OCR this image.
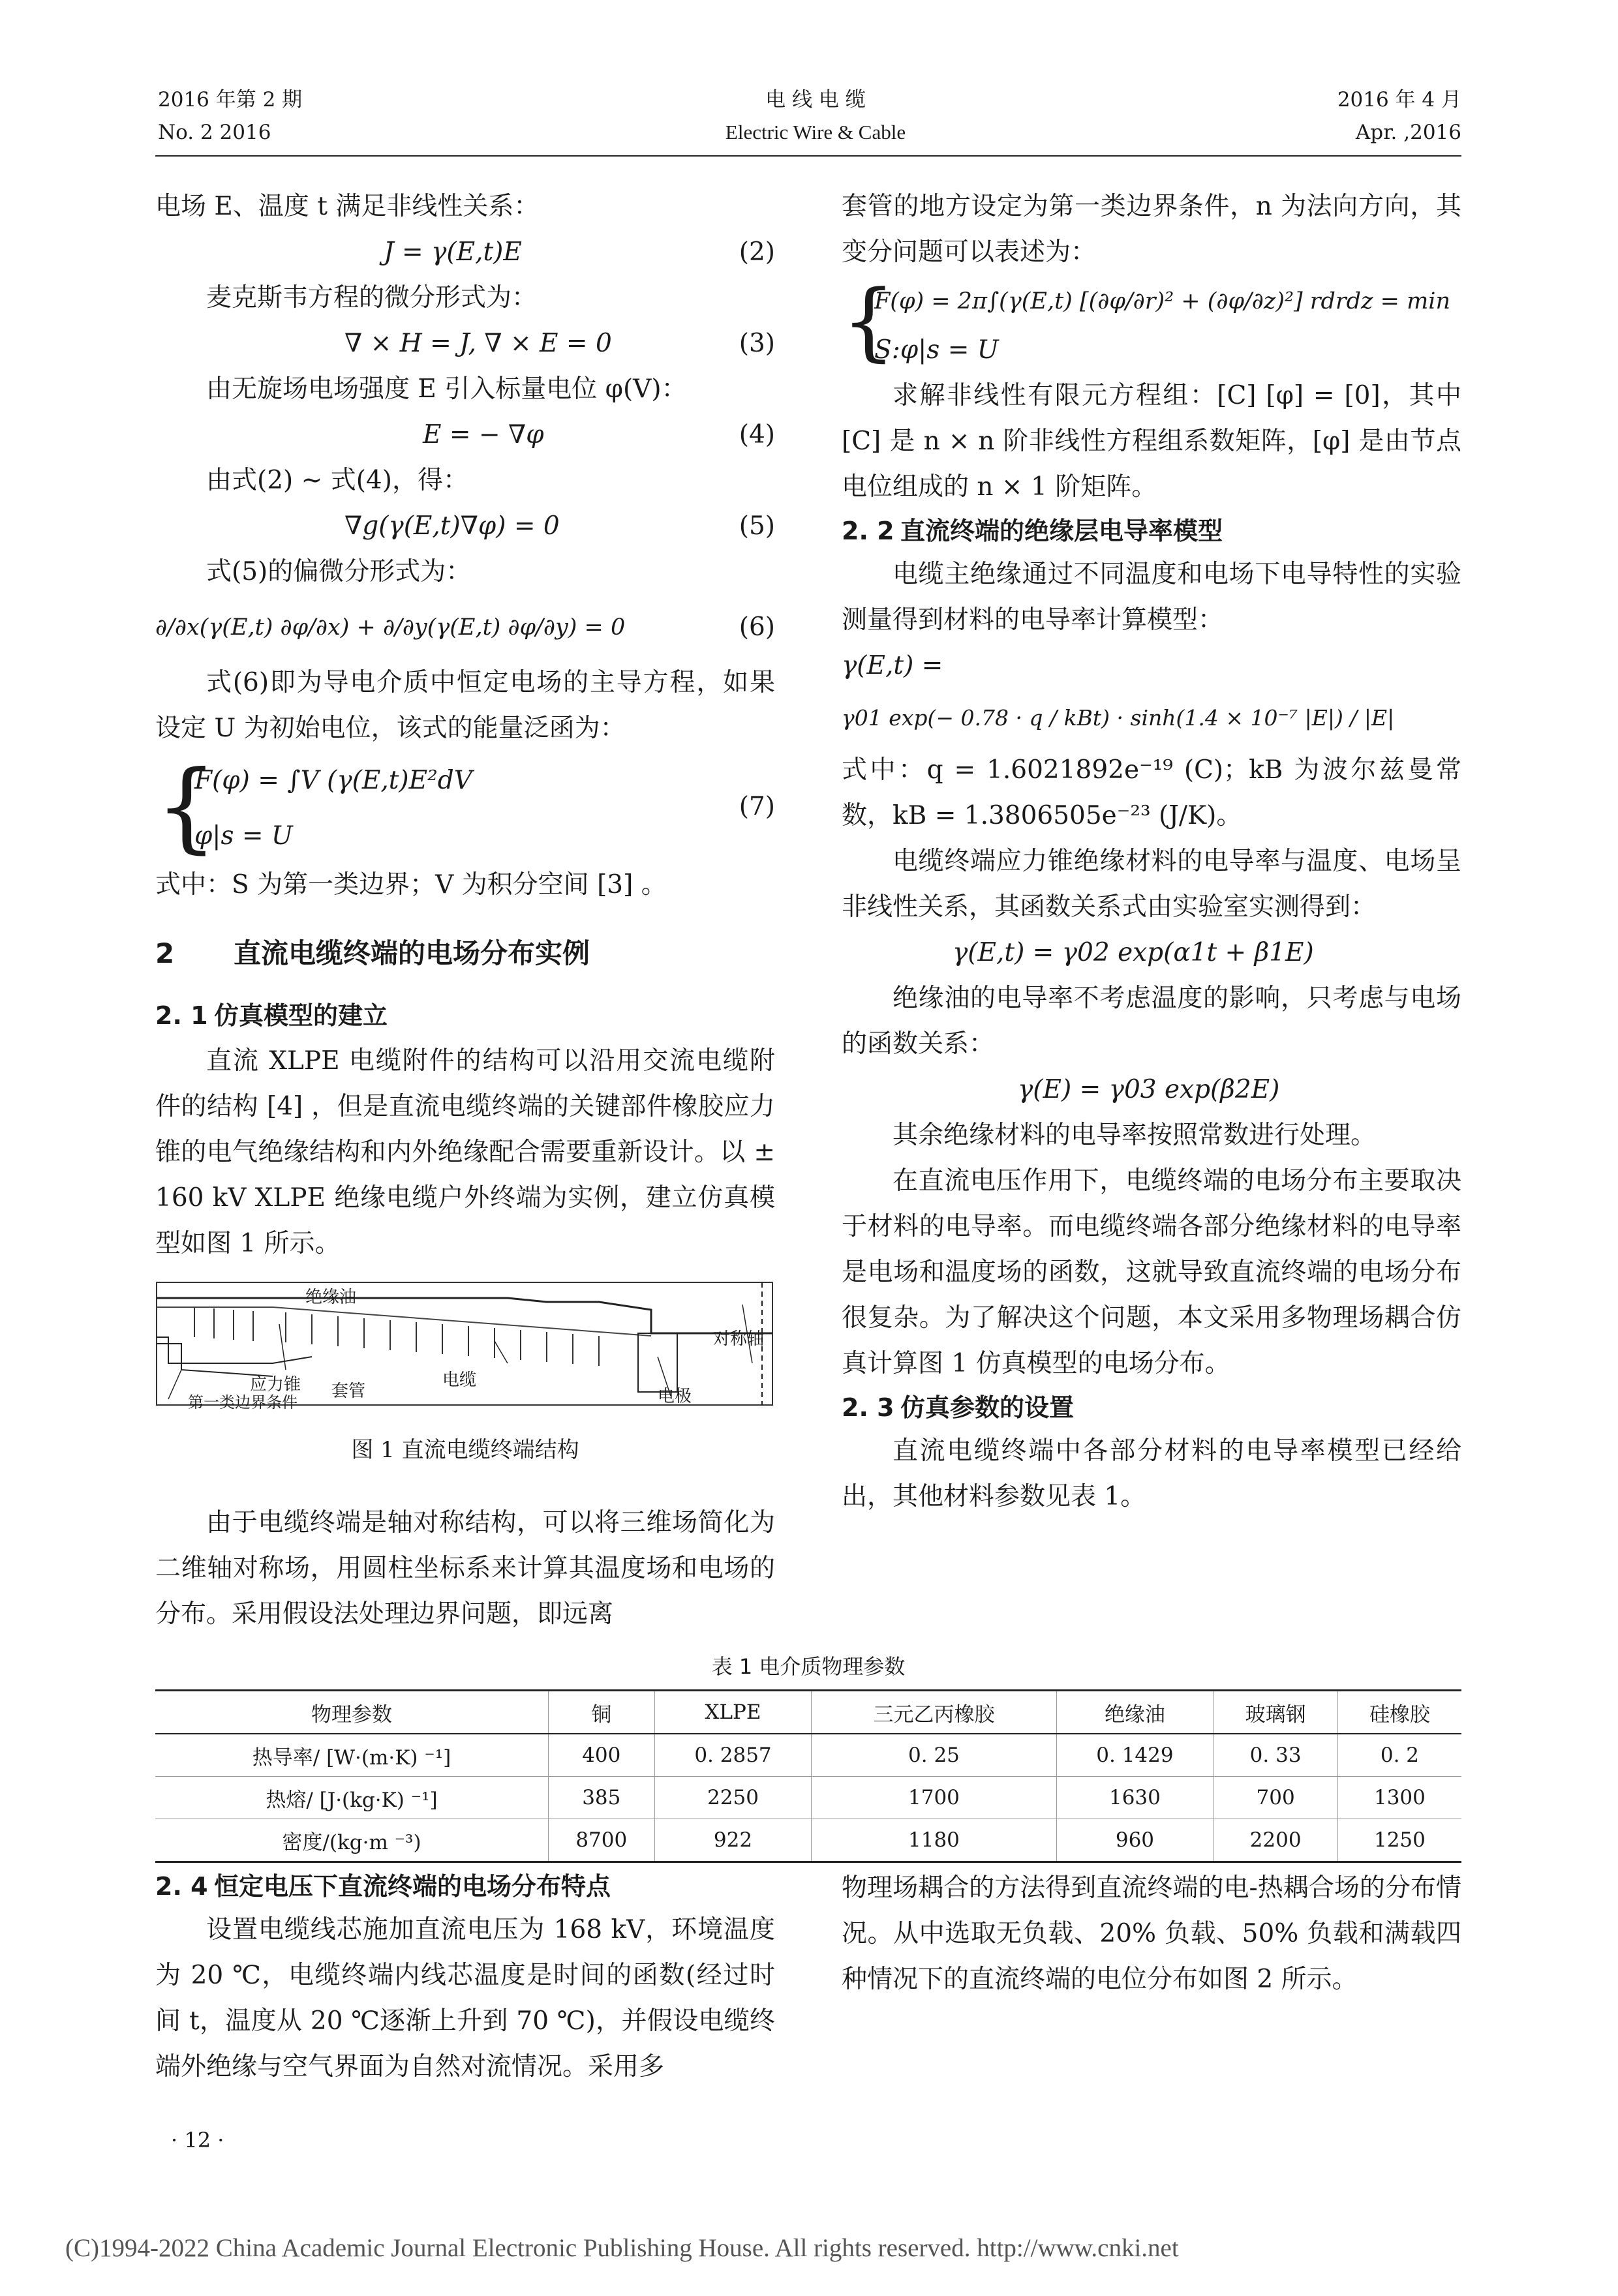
2016 年第 2 期
No. 2 2016
电 线 电 缆
Electric Wire & Cable
2016 年 4 月
Apr. ,2016

电场 E、温度 t 满足非线性关系：

J = γ(E,t)E	(2)

麦克斯韦方程的微分形式为：

∇ × H = J, ∇ × E = 0	(3)

由无旋场电场强度 E 引入标量电位 φ(V)：

E = − ∇φ	(4)

由式(2) ~ 式(4)，得：

∇g(γ(E,t)∇φ) = 0	(5)

式(5)的偏微分形式为：

∂/∂x(γ(E,t) ∂φ/∂x) + ∂/∂y(γ(E,t) ∂φ/∂y) = 0	(6)

式(6)即为导电介质中恒定电场的主导方程，如果设定 U 为初始电位，该式的能量泛函为：

{
F(φ) = ∫V (γ(E,t)E²dV
φ|s = U
(7)

式中：S 为第一类边界；V 为积分空间 [3] 。

2 直流电缆终端的电场分布实例

2. 1 仿真模型的建立

直流 XLPE 电缆附件的结构可以沿用交流电缆附件的结构 [4] ，但是直流电缆终端的关键部件橡胶应力锥的电气绝缘结构和内外绝缘配合需要重新设计。以 ± 160 kV XLPE 绝缘电缆户外终端为实例，建立仿真模型如图 1 所示。

绝缘油
对称轴
应力锥 套管
电缆
电极
第一类边界条件
图 1 直流电缆终端结构

由于电缆终端是轴对称结构，可以将三维场简化为二维轴对称场，用圆柱坐标系来计算其温度场和电场的分布。采用假设法处理边界问题，即远离

套管的地方设定为第一类边界条件，n 为法向方向，其变分问题可以表述为：

{
F(φ) = 2π∫(γ(E,t) [(∂φ/∂r)² + (∂φ/∂z)²] rdrdz = min
S:φ|s = U

求解非线性有限元方程组：[C] [φ] = [0]，其中 [C] 是 n × n 阶非线性方程组系数矩阵，[φ] 是由节点电位组成的 n × 1 阶矩阵。

2. 2 直流终端的绝缘层电导率模型

电缆主绝缘通过不同温度和电场下电导特性的实验测量得到材料的电导率计算模型：

γ(E,t) =
γ01 exp(− 0.78 · q / kBt) · sinh(1.4 × 10⁻⁷ |E|) / |E|

式中：q = 1.6021892e⁻¹⁹ (C)；kB 为波尔兹曼常数，kB = 1.3806505e⁻²³ (J/K)。

电缆终端应力锥绝缘材料的电导率与温度、电场呈非线性关系，其函数关系式由实验室实测得到：

γ(E,t) = γ02 exp(α1t + β1E)

绝缘油的电导率不考虑温度的影响，只考虑与电场的函数关系：

γ(E) = γ03 exp(β2E)

其余绝缘材料的电导率按照常数进行处理。

在直流电压作用下，电缆终端的电场分布主要取决于材料的电导率。而电缆终端各部分绝缘材料的电导率是电场和温度场的函数，这就导致直流终端的电场分布很复杂。为了解决这个问题，本文采用多物理场耦合仿真计算图 1 仿真模型的电场分布。

2. 3 仿真参数的设置

直流电缆终端中各部分材料的电导率模型已经给出，其他材料参数见表 1。

表 1 电介质物理参数
物理参数	铜	XLPE	三元乙丙橡胶	绝缘油	玻璃钢	硅橡胶
热导率/ [W·(m·K) ⁻¹]	400	0. 2857	0. 25	0. 1429	0. 33	0. 2
热熔/ [J·(kg·K) ⁻¹]	385	2250	1700	1630	700	1300
密度/(kg·m ⁻³)	8700	922	1180	960	2200	1250

2. 4 恒定电压下直流终端的电场分布特点

设置电缆线芯施加直流电压为 168 kV，环境温度为 20 ℃，电缆终端内线芯温度是时间的函数(经过时间 t，温度从 20 ℃逐渐上升到 70 ℃)，并假设电缆终端外绝缘与空气界面为自然对流情况。采用多

物理场耦合的方法得到直流终端的电-热耦合场的分布情况。从中选取无负载、20% 负载、50% 负载和满载四种情况下的直流终端的电位分布如图 2 所示。

· 12 ·
(C)1994-2022 China Academic Journal Electronic Publishing House. All rights reserved. http://www.cnki.net
